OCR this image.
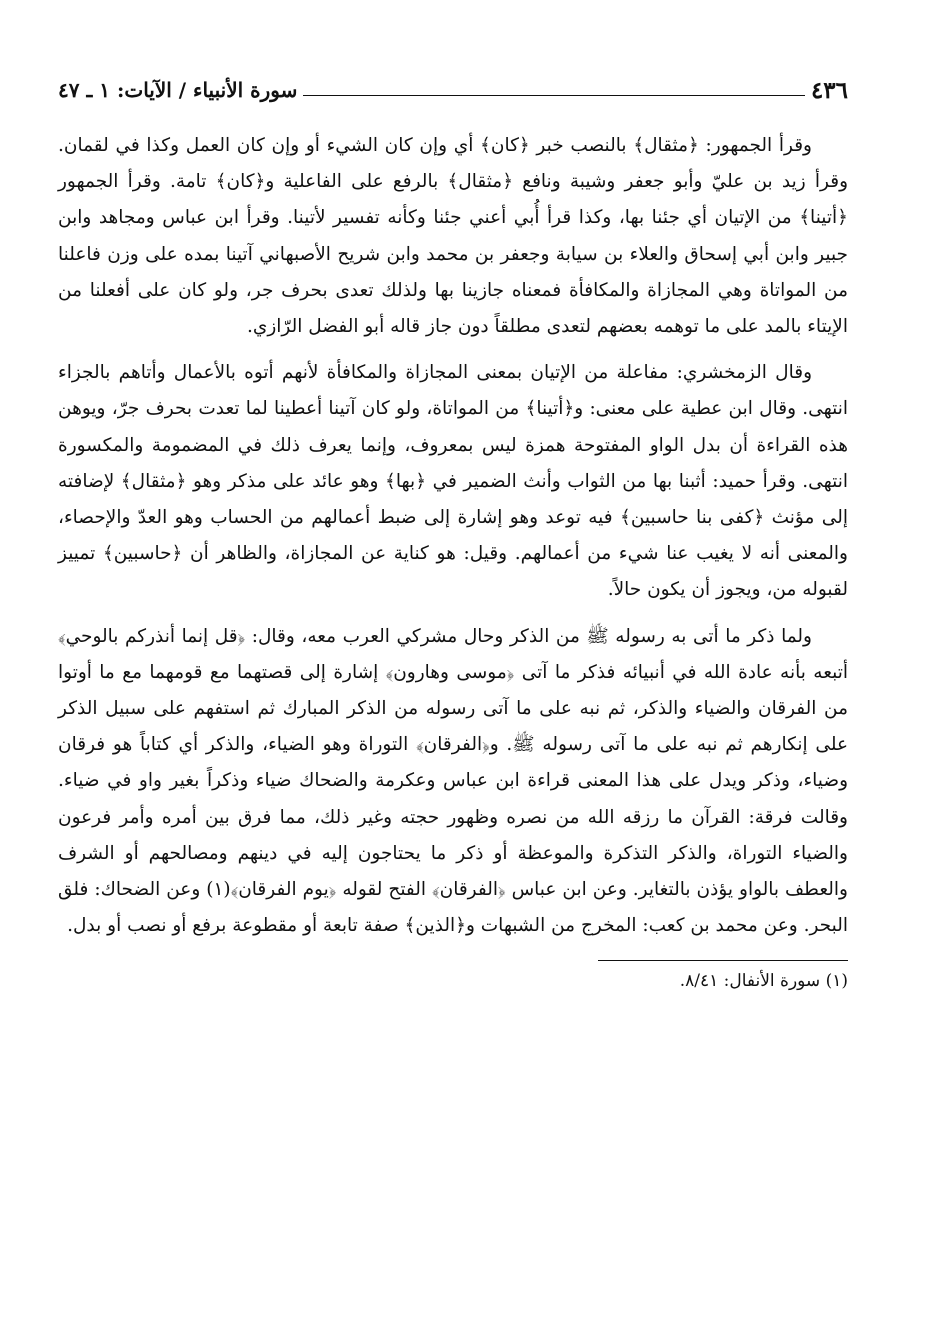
٤٣٦
سورة الأنبياء / الآيات: ١ ـ ٤٧

وقرأ الجمهور: ﴿مثقال﴾ بالنصب خبر ﴿كان﴾ أي وإن كان الشيء أو وإن كان العمل وكذا في لقمان. وقرأ زيد بن عليّ وأبو جعفر وشيبة ونافع ﴿مثقال﴾ بالرفع على الفاعلية و﴿كان﴾ تامة. وقرأ الجمهور ﴿أتينا﴾ من الإتيان أي جئنا بها، وكذا قرأ أُبي أعني جئنا وكأنه تفسير لأتينا. وقرأ ابن عباس ومجاهد وابن جبير وابن أبي إسحاق والعلاء بن سيابة وجعفر بن محمد وابن شريح الأصبهاني آتينا بمده على وزن فاعلنا من المواتاة وهي المجازاة والمكافأة فمعناه جازينا بها ولذلك تعدى بحرف جر، ولو كان على أفعلنا من الإيتاء بالمد على ما توهمه بعضهم لتعدى مطلقاً دون جاز قاله أبو الفضل الرّازي.

وقال الزمخشري: مفاعلة من الإتيان بمعنى المجازاة والمكافأة لأنهم أتوه بالأعمال وأتاهم بالجزاء انتهى. وقال ابن عطية على معنى: و﴿أتينا﴾ من المواتاة، ولو كان آتينا أعطينا لما تعدت بحرف جرّ، ويوهن هذه القراءة أن بدل الواو المفتوحة همزة ليس بمعروف، وإنما يعرف ذلك في المضمومة والمكسورة انتهى. وقرأ حميد: أثبنا بها من الثواب وأنث الضمير في ﴿بها﴾ وهو عائد على مذكر وهو ﴿مثقال﴾ لإضافته إلى مؤنث ﴿كفى بنا حاسبين﴾ فيه توعد وهو إشارة إلى ضبط أعمالهم من الحساب وهو العدّ والإحصاء، والمعنى أنه لا يغيب عنا شيء من أعمالهم. وقيل: هو كناية عن المجازاة، والظاهر أن ﴿حاسبين﴾ تمييز لقبوله من، ويجوز أن يكون حالاً.

ولما ذكر ما أتى به رسوله ﷺ من الذكر وحال مشركي العرب معه، وقال: ﴿قل إنما أنذركم بالوحي﴾ أتبعه بأنه عادة الله في أنبيائه فذكر ما آتى ﴿موسى وهارون﴾ إشارة إلى قصتهما مع قومهما مع ما أوتوا من الفرقان والضياء والذكر، ثم نبه على ما آتى رسوله من الذكر المبارك ثم استفهم على سبيل الذكر على إنكارهم ثم نبه على ما آتى رسوله ﷺ. و﴿الفرقان﴾ التوراة وهو الضياء، والذكر أي كتاباً هو فرقان وضياء، وذكر ويدل على هذا المعنى قراءة ابن عباس وعكرمة والضحاك ضياء وذكراً بغير واو في ضياء. وقالت فرقة: القرآن ما رزقه الله من نصره وظهور حجته وغير ذلك، مما فرق بين أمره وأمر فرعون والضياء التوراة، والذكر التذكرة والموعظة أو ذكر ما يحتاجون إليه في دينهم ومصالحهم أو الشرف والعطف بالواو يؤذن بالتغاير. وعن ابن عباس ﴿الفرقان﴾ الفتح لقوله ﴿يوم الفرقان﴾(١) وعن الضحاك: فلق البحر. وعن محمد بن كعب: المخرج من الشبهات و﴿الذين﴾ صفة تابعة أو مقطوعة برفع أو نصب أو بدل.

(١) سورة الأنفال: ٨/٤١.
